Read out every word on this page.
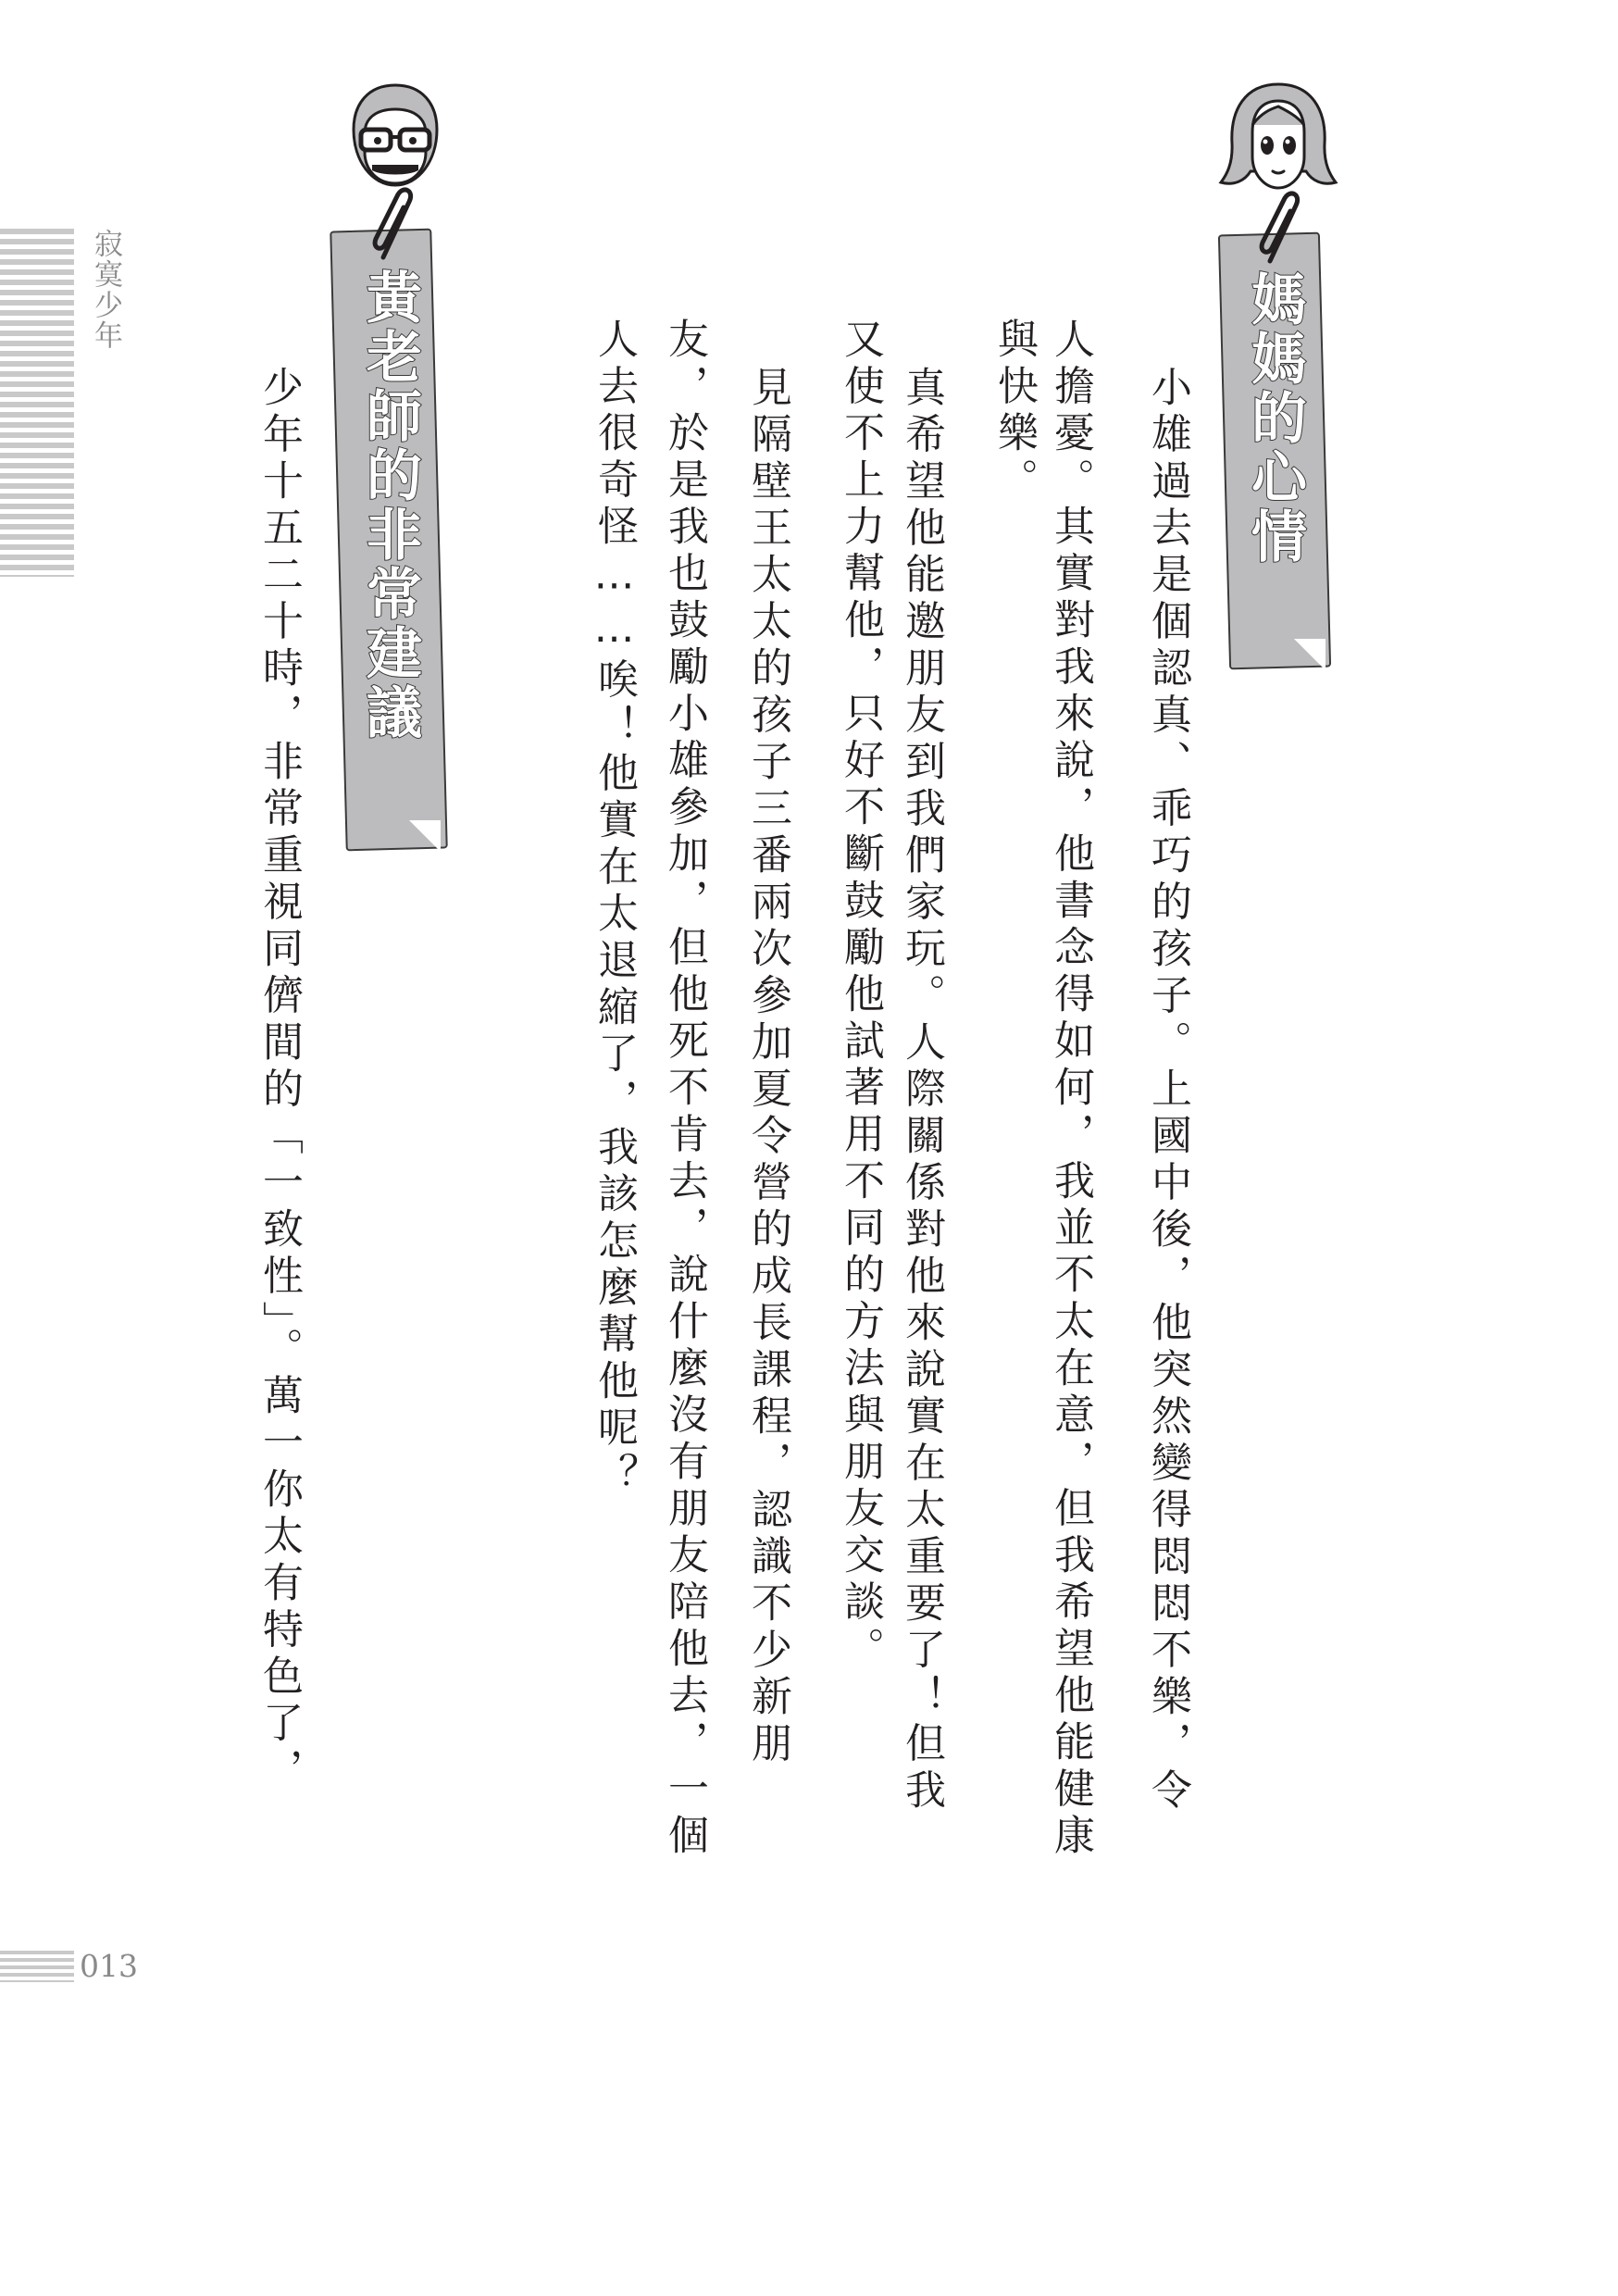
寂寞少年
013
媽媽的心情
小雄過去是個認真、乖巧的孩子。上國中後，他突然變得悶悶不樂，令
人擔憂。其實對我來說，他書念得如何，我並不太在意，但我希望他能健康
與快樂。
真希望他能邀朋友到我們家玩。人際關係對他來說實在太重要了！但我
又使不上力幫他，只好不斷鼓勵他試著用不同的方法與朋友交談。
見隔壁王太太的孩子三番兩次參加夏令營的成長課程，認識不少新朋
友，於是我也鼓勵小雄參加，但他死不肯去，說什麼沒有朋友陪他去，一個
人去很奇怪……唉！他實在太退縮了，我該怎麼幫他呢？
黃老師的非常建議
少年十五二十時，非常重視同儕間的「一致性」。萬一你太有特色了，
